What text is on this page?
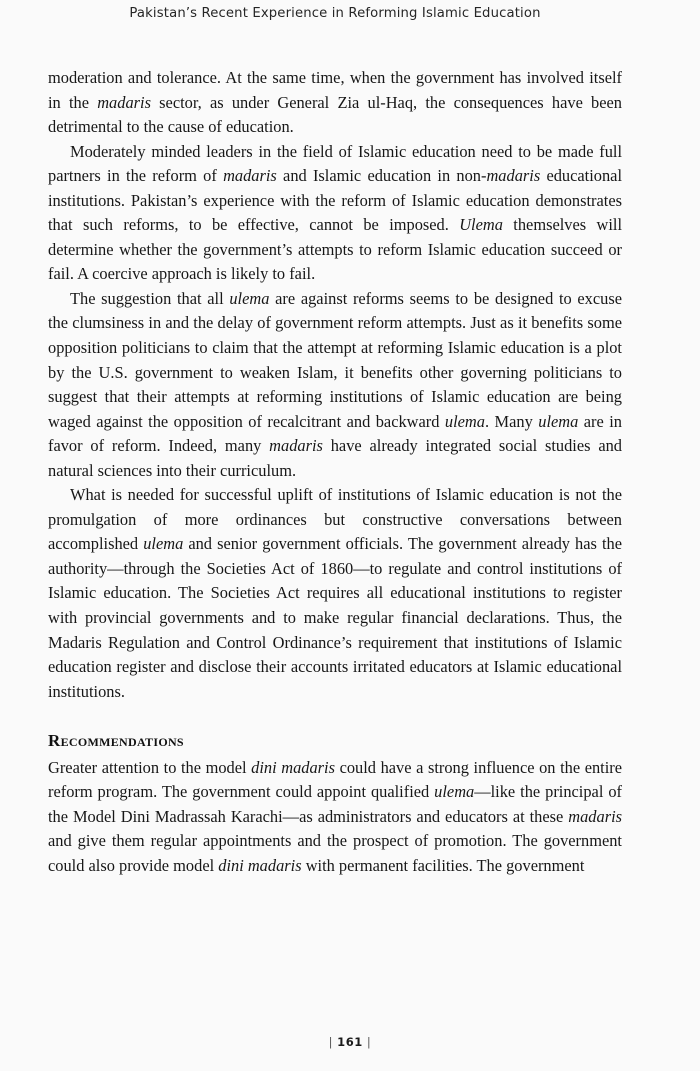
Pakistan’s Recent Experience in Reforming Islamic Education

moderation and tolerance. At the same time, when the government has involved itself in the madaris sector, as under General Zia ul-Haq, the consequences have been detrimental to the cause of education.

Moderately minded leaders in the field of Islamic education need to be made full partners in the reform of madaris and Islamic education in non-madaris educational institutions. Pakistan’s experience with the reform of Islamic education demonstrates that such reforms, to be effective, cannot be imposed. Ulema themselves will determine whether the government’s attempts to reform Islamic education succeed or fail. A coercive approach is likely to fail.

The suggestion that all ulema are against reforms seems to be designed to excuse the clumsiness in and the delay of government reform attempts. Just as it benefits some opposition politicians to claim that the attempt at reforming Islamic education is a plot by the U.S. government to weaken Islam, it benefits other governing politicians to suggest that their attempts at reforming institutions of Islamic education are being waged against the opposition of recalcitrant and backward ulema. Many ulema are in favor of reform. Indeed, many madaris have already integrated social studies and natural sciences into their curriculum.

What is needed for successful uplift of institutions of Islamic education is not the promulgation of more ordinances but constructive conversations between accomplished ulema and senior government officials. The government already has the authority—through the Societies Act of 1860—to regulate and control institutions of Islamic education. The Societies Act requires all educational institutions to register with provincial governments and to make regular financial declarations. Thus, the Madaris Regulation and Control Ordinance’s requirement that institutions of Islamic education register and disclose their accounts irritated educators at Islamic educational institutions.

Recommendations

Greater attention to the model dini madaris could have a strong influence on the entire reform program. The government could appoint qualified ulema—like the principal of the Model Dini Madrassah Karachi—as administrators and educators at these madaris and give them regular appointments and the prospect of promotion. The government could also provide model dini madaris with permanent facilities. The government

| 161 |
